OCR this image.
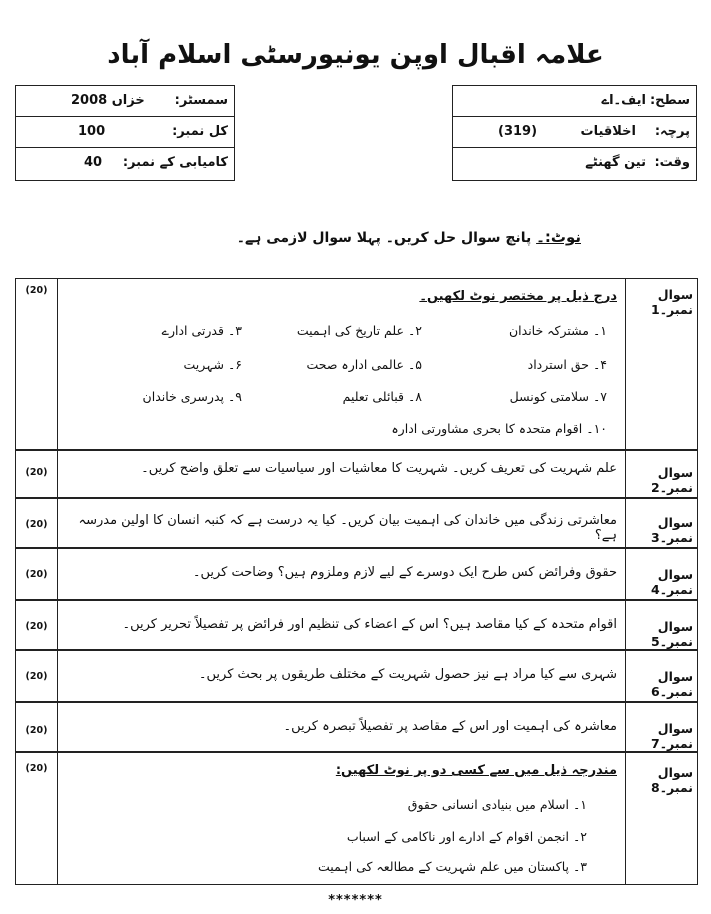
علامہ اقبال اوپن یونیورسٹی اسلام آباد
سمسٹر:
خزاں 2008
کل نمبر:
100
کامیابی کے نمبر:
40
سطح:
ایف۔اے
پرچہ:
اخلاقیات
(319)
وقت:
تین گھنٹے
نوٹ:۔ پانچ سوال حل کریں۔ پہلا سوال لازمی ہے۔
(20)	سوال نمبر۔1
درج ذیل پر مختصر نوٹ لکھیں۔
۱۔ مشترکہ خاندان
۲۔ علم تاریخ کی اہمیت
۳۔ قدرتی ادارے
۴۔ حق استرداد
۵۔ عالمی ادارہ صحت
۶۔ شہریت
۷۔ سلامتی کونسل
۸۔ قبائلی تعلیم
۹۔ پدرسری خاندان
۱۰۔ اقوام متحدہ کا بحری مشاورتی ادارہ
(20)	سوال نمبر۔2
علم شہریت کی تعریف کریں۔ شہریت کا معاشیات اور سیاسیات سے تعلق واضح کریں۔
(20)	سوال نمبر۔3
معاشرتی زندگی میں خاندان کی اہمیت بیان کریں۔ کیا یہ درست ہے کہ کنبہ انسان کا اولین مدرسہ ہے؟
(20)	سوال نمبر۔4
حقوق وفرائض کس طرح ایک دوسرے کے لیے لازم وملزوم ہیں؟ وضاحت کریں۔
(20)	سوال نمبر۔5
اقوام متحدہ کے کیا مقاصد ہیں؟ اس کے اعضاء کی تنظیم اور فرائض پر تفصیلاً تحریر کریں۔
(20)	سوال نمبر۔6
شہری سے کیا مراد ہے نیز حصول شہریت کے مختلف طریقوں پر بحث کریں۔
(20)	سوال نمبر۔7
معاشرہ کی اہمیت اور اس کے مقاصد پر تفصیلاً تبصرہ کریں۔
(20)	سوال نمبر۔8
مندرجہ ذیل میں سے کسی دو پر نوٹ لکھیں:
۱۔ اسلام میں بنیادی انسانی حقوق
۲۔ انجمن اقوام کے ادارے اور ناکامی کے اسباب
۳۔ پاکستان میں علم شہریت کے مطالعہ کی اہمیت
*******
